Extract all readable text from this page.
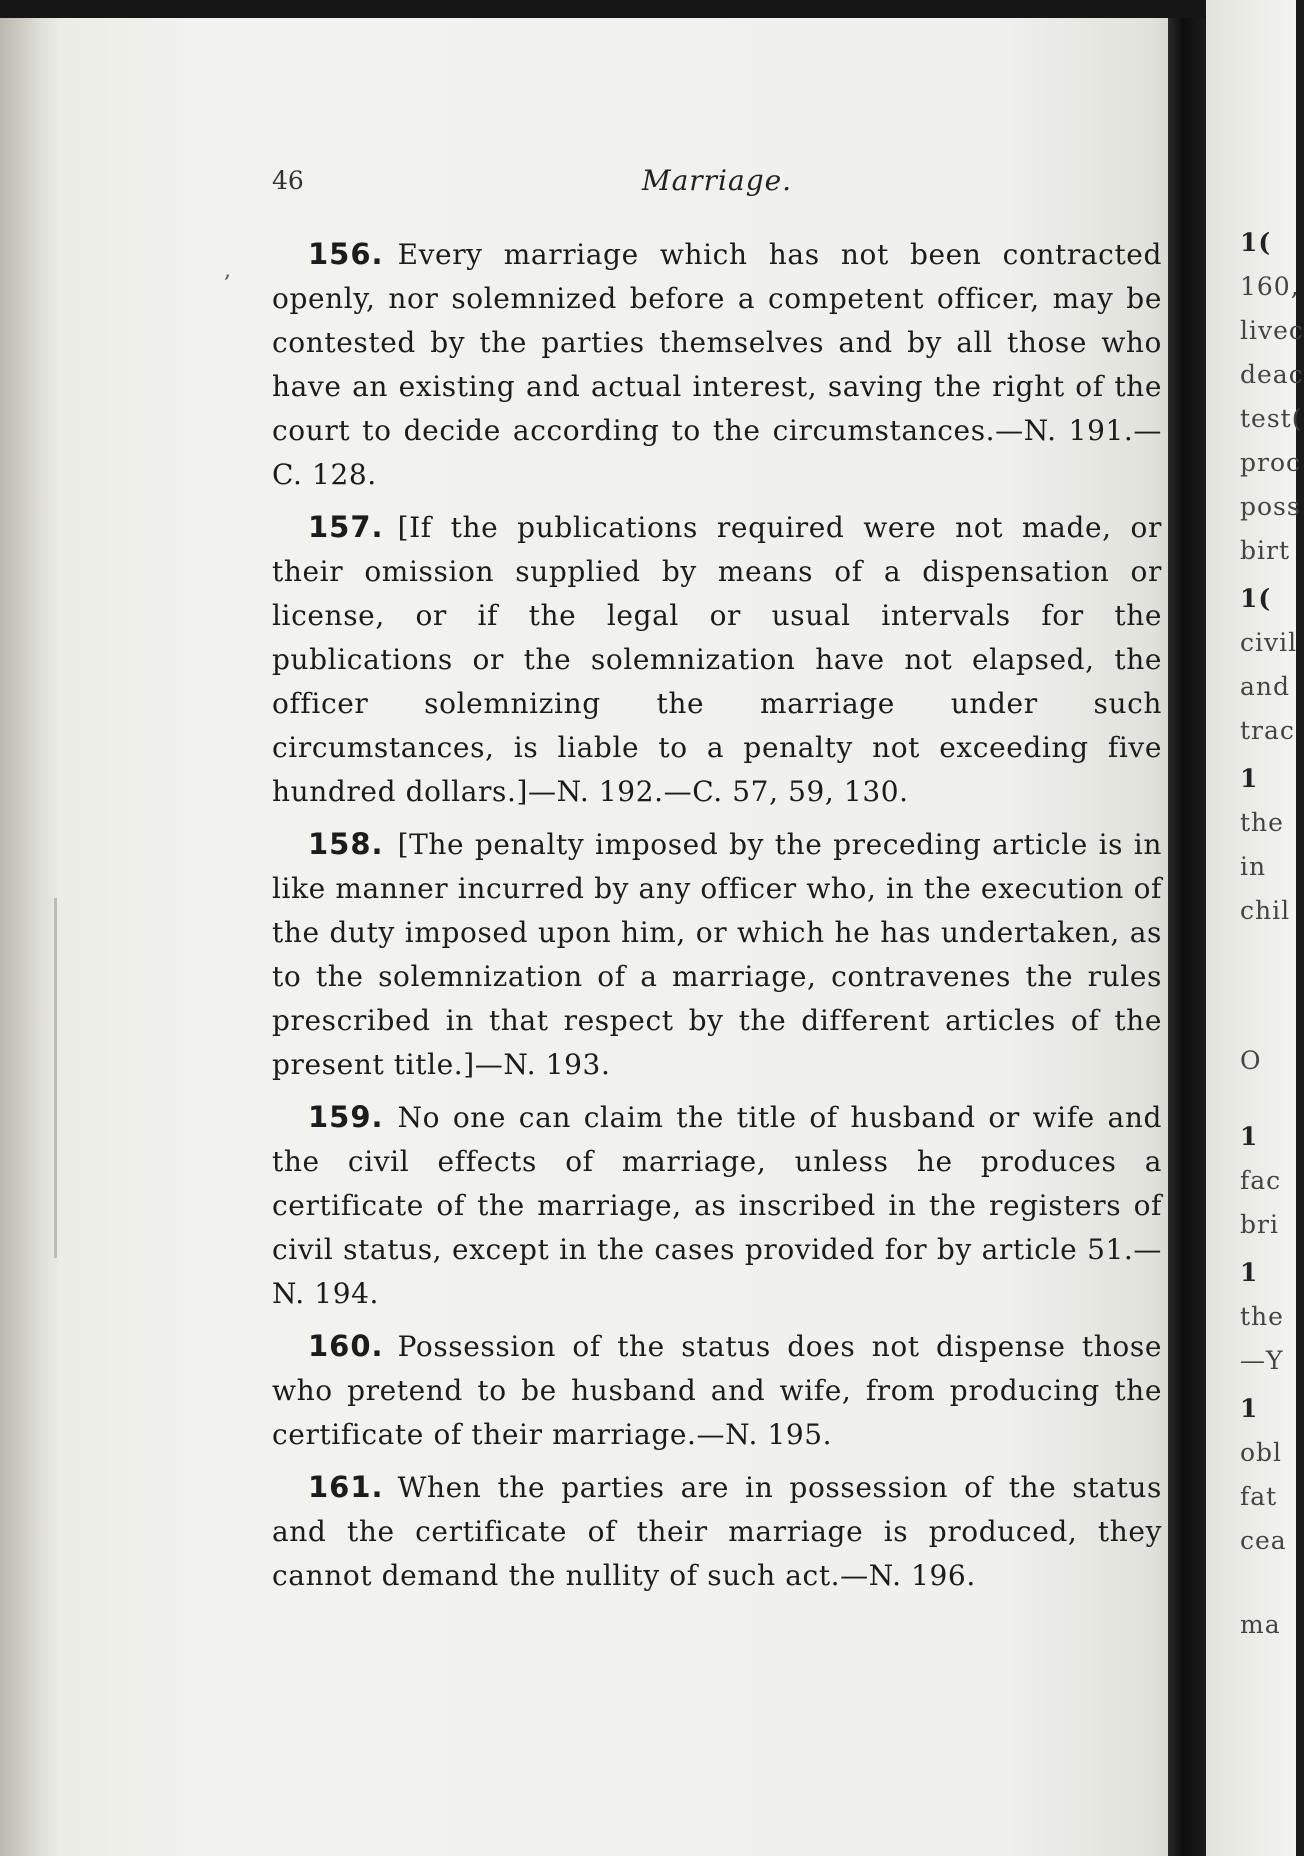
1(
160,
livec
deac
test(
proc
poss
birt
1(
civil
and
trac
1
the
in
chil
O
1
fac
bri
1
the
—Y
1
obl
fat
cea
ma
,
46	Marriage.

156. Every marriage which has not been contracted openly, nor solemnized before a competent officer, may be contested by the parties themselves and by all those who have an existing and actual interest, saving the right of the court to decide according to the circumstances.—N. 191.—C. 128.

157. [If the publications required were not made, or their omission supplied by means of a dispensation or license, or if the legal or usual intervals for the publications or the solemnization have not elapsed, the officer solemnizing the marriage under such circumstances, is liable to a penalty not exceeding five hundred dollars.]—N. 192.—C. 57, 59, 130.

158. [The penalty imposed by the preceding article is in like manner incurred by any officer who, in the execution of the duty imposed upon him, or which he has undertaken, as to the solemnization of a marriage, contravenes the rules prescribed in that respect by the different articles of the present title.]—N. 193.

159. No one can claim the title of husband or wife and the civil effects of marriage, unless he produces a certificate of the marriage, as inscribed in the registers of civil status, except in the cases provided for by article 51.—N. 194.

160. Possession of the status does not dispense those who pretend to be husband and wife, from producing the certificate of their marriage.—N. 195.

161. When the parties are in possession of the status and the certificate of their marriage is produced, they cannot demand the nullity of such act.—N. 196.
